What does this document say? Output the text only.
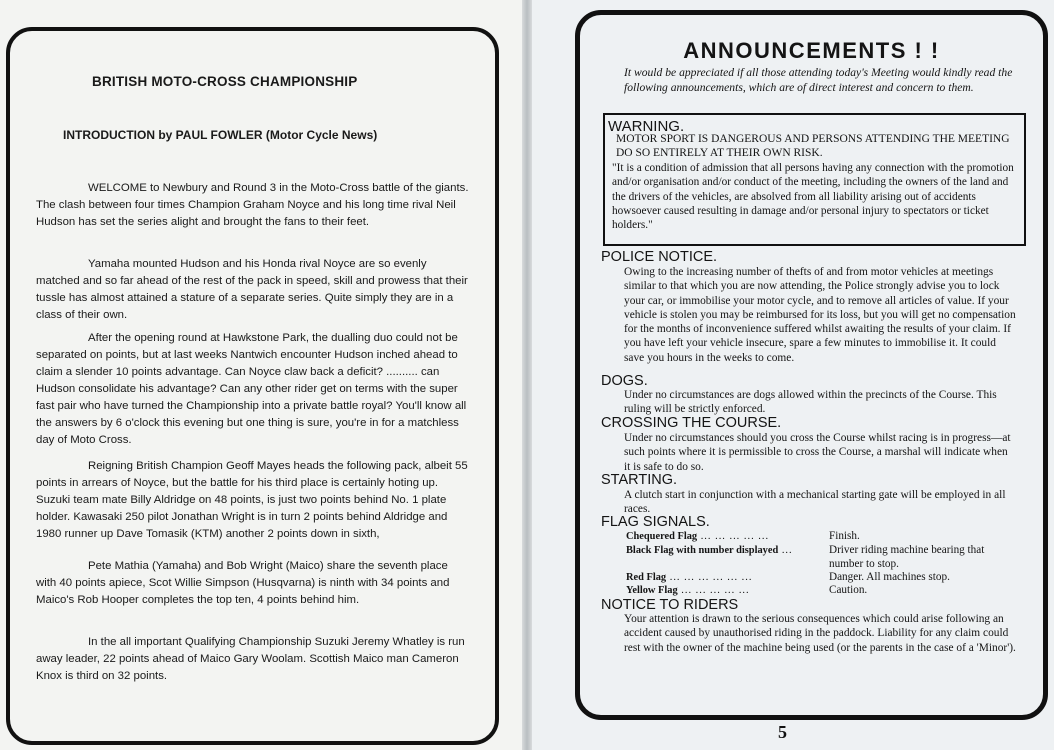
BRITISH MOTO-CROSS CHAMPIONSHIP
INTRODUCTION by PAUL FOWLER (Motor Cycle News)
WELCOME to Newbury and Round 3 in the Moto-Cross battle of the giants. The clash between four times Champion Graham Noyce and his long time rival Neil Hudson has set the series alight and brought the fans to their feet.
Yamaha mounted Hudson and his Honda rival Noyce are so evenly matched and so far ahead of the rest of the pack in speed, skill and prowess that their tussle has almost attained a stature of a separate series. Quite simply they are in a class of their own.
After the opening round at Hawkstone Park, the dualling duo could not be separated on points, but at last weeks Nantwich encounter Hudson inched ahead to claim a slender 10 points advantage. Can Noyce claw back a deficit? .......... can Hudson consolidate his advantage? Can any other rider get on terms with the super fast pair who have turned the Championship into a private battle royal? You'll know all the answers by 6 o'clock this evening but one thing is sure, you're in for a matchless day of Moto Cross.
Reigning British Champion Geoff Mayes heads the following pack, albeit 55 points in arrears of Noyce, but the battle for his third place is certainly hoting up. Suzuki team mate Billy Aldridge on 48 points, is just two points behind No. 1 plate holder. Kawasaki 250 pilot Jonathan Wright is in turn 2 points behind Aldridge and 1980 runner up Dave Tomasik (KTM) another 2 points down in sixth,
Pete Mathia (Yamaha) and Bob Wright (Maico) share the seventh place with 40 points apiece, Scot Willie Simpson (Husqvarna) is ninth with 34 points and Maico's Rob Hooper completes the top ten, 4 points behind him.
In the all important Qualifying Championship Suzuki Jeremy Whatley is run away leader, 22 points ahead of Maico Gary Woolam. Scottish Maico man Cameron Knox is third on 32 points.
ANNOUNCEMENTS ! !
It would be appreciated if all those attending today's Meeting would kindly read the following announcements, which are of direct interest and concern to them.
WARNING.
MOTOR SPORT IS DANGEROUS AND PERSONS ATTENDING THE MEETING DO SO ENTIRELY AT THEIR OWN RISK.
"It is a condition of admission that all persons having any connection with the promotion and/or organisation and/or conduct of the meeting, including the owners of the land and the drivers of the vehicles, are absolved from all liability arising out of accidents howsoever caused resulting in damage and/or personal injury to spectators or ticket holders."
POLICE NOTICE.
Owing to the increasing number of thefts of and from motor vehicles at meetings similar to that which you are now attending, the Police strongly advise you to lock your car, or immobilise your motor cycle, and to remove all articles of value. If your vehicle is stolen you may be reimbursed for its loss, but you will get no compensation for the months of inconvenience suffered whilst awaiting the results of your claim. If you have left your vehicle insecure, spare a few minutes to immobilise it. It could save you hours in the weeks to come.
DOGS.
Under no circumstances are dogs allowed within the precincts of the Course. This ruling will be strictly enforced.
CROSSING THE COURSE.
Under no circumstances should you cross the Course whilst racing is in progress—at such points where it is permissible to cross the Course, a marshal will indicate when it is safe to do so.
STARTING.
A clutch start in conjunction with a mechanical starting gate will be employed in all races.
FLAG SIGNALS.
Chequered Flag ... ... ... ... ...	Finish.
Black Flag with number displayed ...	Driver riding machine bearing that number to stop.
Red Flag ... ... ... ... ... ...	Danger. All machines stop.
Yellow Flag ... ... ... ... ...	Caution.
NOTICE TO RIDERS
Your attention is drawn to the serious consequences which could arise following an accident caused by unauthorised riding in the paddock. Liability for any claim could rest with the owner of the machine being used (or the parents in the case of a 'Minor').
5
